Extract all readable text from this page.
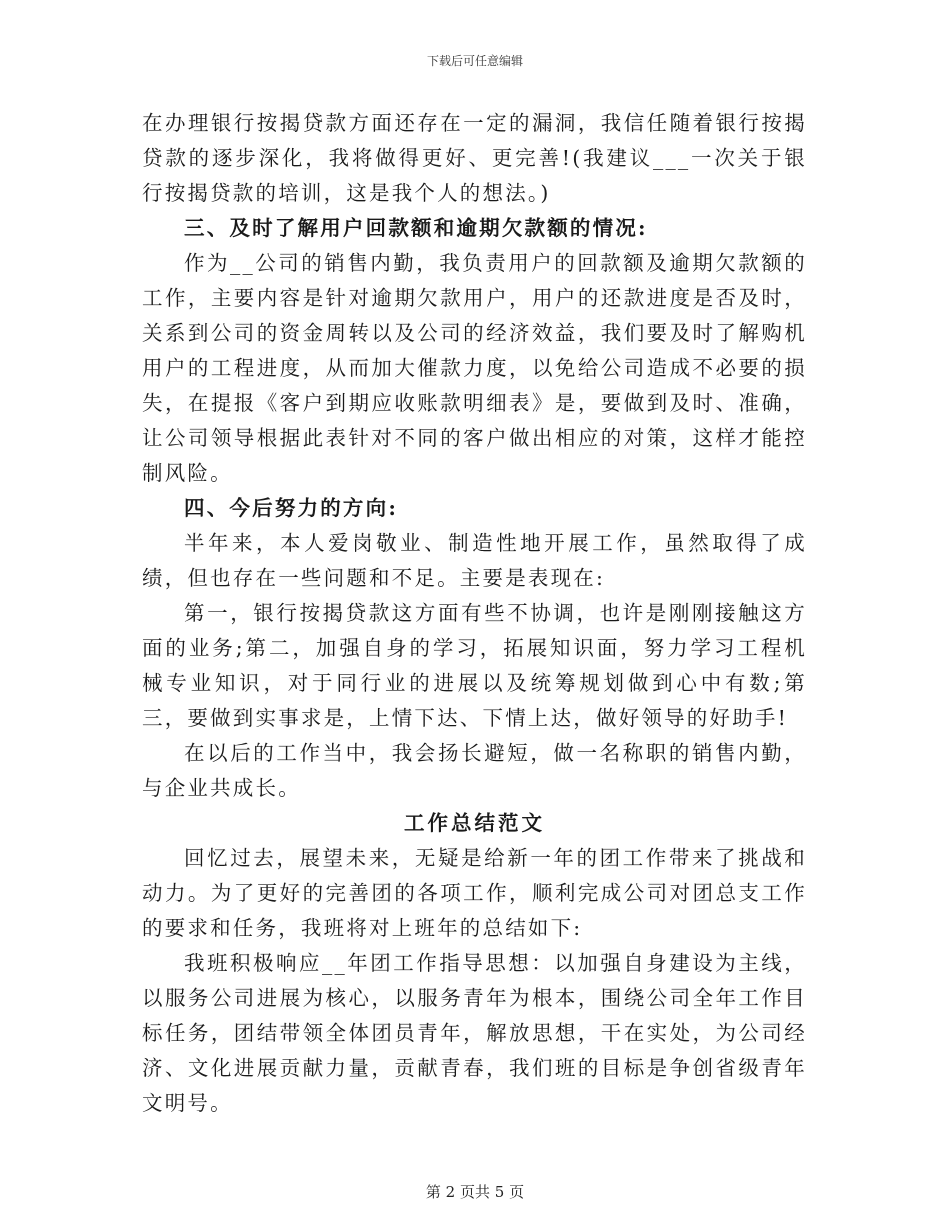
下载后可任意编辑

在办理银行按揭贷款方面还存在一定的漏洞，我信任随着银行按揭贷款的逐步深化，我将做得更好、更完善!(我建议___一次关于银行按揭贷款的培训，这是我个人的想法。)

三、及时了解用户回款额和逾期欠款额的情况:

作为__公司的销售内勤，我负责用户的回款额及逾期欠款额的工作，主要内容是针对逾期欠款用户，用户的还款进度是否及时，关系到公司的资金周转以及公司的经济效益，我们要及时了解购机用户的工程进度，从而加大催款力度，以免给公司造成不必要的损失，在提报《客户到期应收账款明细表》是，要做到及时、准确，让公司领导根据此表针对不同的客户做出相应的对策，这样才能控制风险。

四、今后努力的方向:

半年来，本人爱岗敬业、制造性地开展工作，虽然取得了成绩，但也存在一些问题和不足。主要是表现在:

第一，银行按揭贷款这方面有些不协调，也许是刚刚接触这方面的业务;第二，加强自身的学习，拓展知识面，努力学习工程机械专业知识，对于同行业的进展以及统筹规划做到心中有数;第三，要做到实事求是，上情下达、下情上达，做好领导的好助手!

在以后的工作当中，我会扬长避短，做一名称职的销售内勤，与企业共成长。

工作总结范文

回忆过去，展望未来，无疑是给新一年的团工作带来了挑战和动力。为了更好的完善团的各项工作，顺利完成公司对团总支工作的要求和任务，我班将对上班年的总结如下:

我班积极响应__年团工作指导思想：以加强自身建设为主线，以服务公司进展为核心，以服务青年为根本，围绕公司全年工作目标任务，团结带领全体团员青年，解放思想，干在实处，为公司经济、文化进展贡献力量，贡献青春，我们班的目标是争创省级青年文明号。

第 2 页共 5 页
